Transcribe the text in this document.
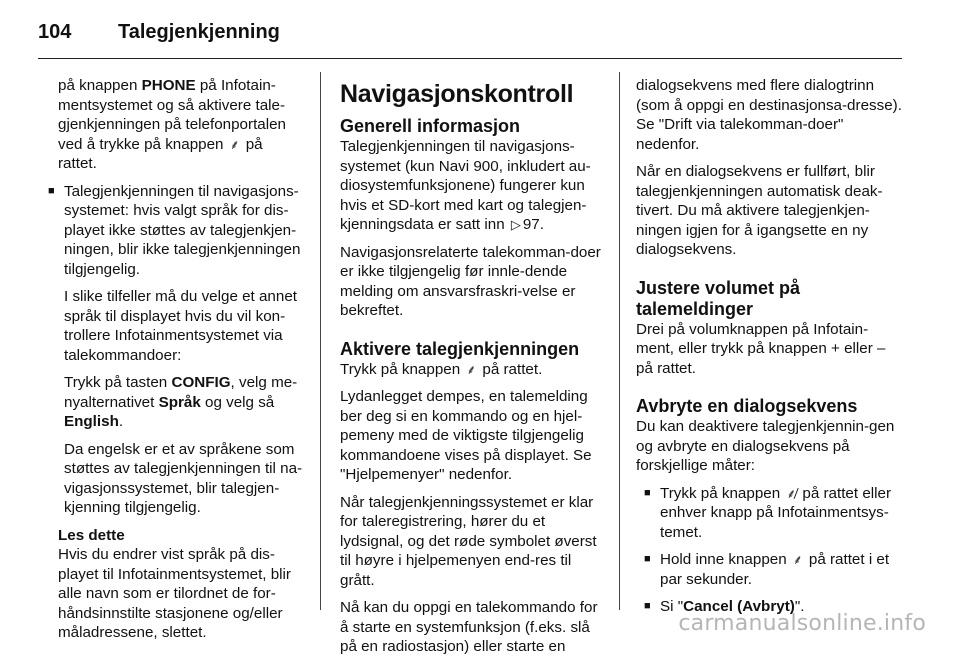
104	Talegjenkjenning

på knappen PHONE på Infotain-mentsystemet og så aktivere tale-gjenkjenningen på telefonportalen ved å trykke på knappen ⸙ på rattet.

■ Talegjenkjenningen til navigasjons-systemet: hvis valgt språk for dis-playet ikke støttes av talegjenkjen-ningen, blir ikke talegjenkjenningen tilgjengelig.

I slike tilfeller må du velge et annet språk til displayet hvis du vil kon-trollere Infotainmentsystemet via talekommandoer:

Trykk på tasten CONFIG, velg me-nyalternativet Språk og velg så English.

Da engelsk er et av språkene som støttes av talegjenkjenningen til na-vigasjonssystemet, blir talegjen-kjenning tilgjengelig.

Les dette
Hvis du endrer vist språk på dis-playet til Infotainmentsystemet, blir alle navn som er tilordnet de for-håndsinnstilte stasjonene og/eller måladressene, slettet.
Navigasjonskontroll
Generell informasjon

Talegjenkjenningen til navigasjons-systemet (kun Navi 900, inkludert au-diosystemfunksjonene) fungerer kun hvis et SD-kort med kart og talegjen-kjenningsdata er satt inn ▷ 97.

Navigasjonsrelaterte talekomman-doer er ikke tilgjengelig før innle-dende melding om ansvarsfraskri-velse er bekreftet.

Aktivere talegjenkjenningen

Trykk på knappen ⸙ på rattet.

Lydanlegget dempes, en talemelding ber deg si en kommando og en hjel-pemeny med de viktigste tilgjengelig kommandoene vises på displayet. Se "Hjelpemenyer" nedenfor.

Når talegjenkjenningssystemet er klar for taleregistrering, hører du et lydsignal, og det røde symbolet øverst til høyre i hjelpemenyen end-res til grått.

Nå kan du oppgi en talekommando for å starte en systemfunksjon (f.eks. slå på en radiostasjon) eller starte en

dialogsekvens med flere dialogtrinn (som å oppgi en destinasjonsa-dresse). Se "Drift via talekomman-doer" nedenfor.

Når en dialogsekvens er fullført, blir talegjenkjenningen automatisk deak-tivert. Du må aktivere talegjenkjen-ningen igjen for å igangsette en ny dialogsekvens.

Justere volumet på talemeldinger

Drei på volumknappen på Infotain-ment, eller trykk på knappen + eller – på rattet.

Avbryte en dialogsekvens

Du kan deaktivere talegjenkjennin-gen og avbryte en dialogsekvens på forskjellige måter:

■ Trykk på knappen ⸙̸ på rattet eller enhver knapp på Infotainmentsys-temet.
■ Hold inne knappen ⸙ på rattet i et par sekunder.
■ Si "Cancel (Avbryt)".
carmanualsonline.info
